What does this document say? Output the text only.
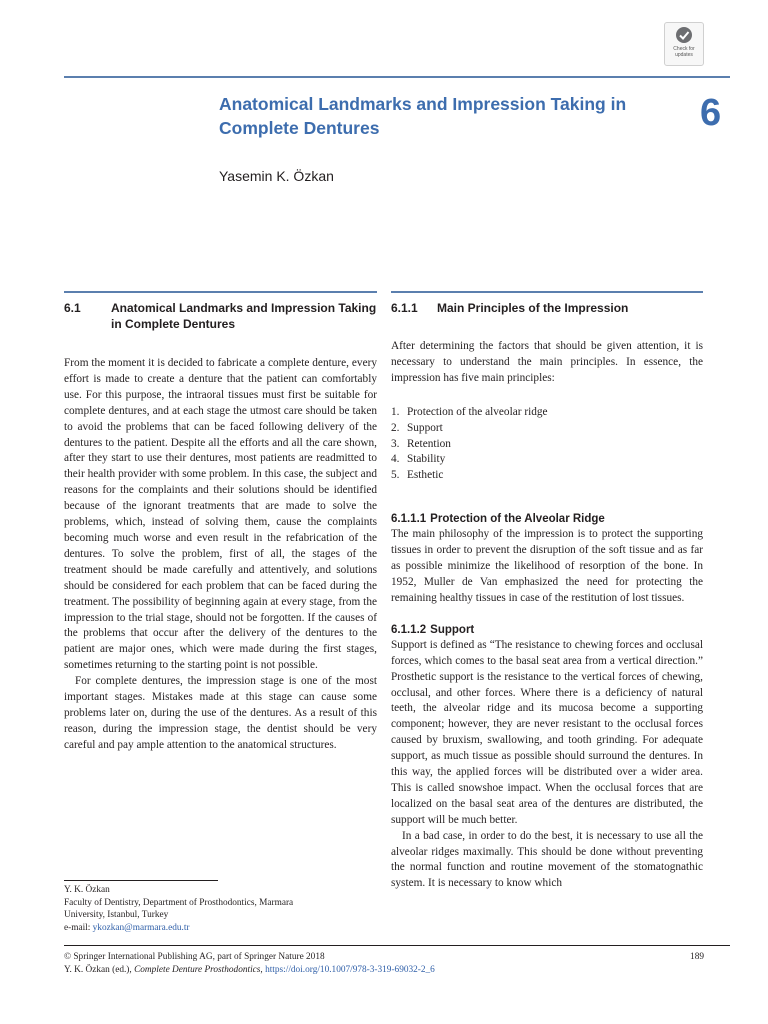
Check for
updates
Anatomical Landmarks and Impression Taking in Complete Dentures	6
Yasemin K. Özkan
6.1	Anatomical Landmarks and Impression Taking in Complete Dentures

From the moment it is decided to fabricate a complete denture, every effort is made to create a denture that the patient can comfortably use. For this purpose, the intraoral tissues must first be suitable for complete dentures, and at each stage the utmost care should be taken to avoid the problems that can be faced following delivery of the dentures to the patient. Despite all the efforts and all the care shown, after they start to use their dentures, most patients are readmitted to their health provider with some problem. In this case, the subject and reasons for the complaints and their solutions should be identified because of the ignorant treatments that are made to solve the problems, which, instead of solving them, cause the complaints becoming much worse and even result in the refabrication of the dentures. To solve the problem, first of all, the stages of the treatment should be made carefully and attentively, and solutions should be considered for each problem that can be faced during the treatment. The possibility of beginning again at every stage, from the impression to the trial stage, should not be forgotten. If the causes of the problems that occur after the delivery of the dentures to the patient are major ones, which were made during the first stages, sometimes returning to the starting point is not possible.

For complete dentures, the impression stage is one of the most important stages. Mistakes made at this stage can cause some problems later on, during the use of the dentures. As a result of this reason, during the impression stage, the dentist should be very careful and pay ample attention to the anatomical structures.

6.1.1	Main Principles of the Impression

After determining the factors that should be given attention, it is necessary to understand the main principles. In essence, the impression has five main principles:

1. Protection of the alveolar ridge
2. Support
3. Retention
4. Stability
5. Esthetic
6.1.1.1 Protection of the Alveolar Ridge

The main philosophy of the impression is to protect the supporting tissues in order to prevent the disruption of the soft tissue and as far as possible minimize the likelihood of resorption of the bone. In 1952, Muller de Van emphasized the need for protecting the remaining healthy tissues in case of the restitution of lost tissues.

6.1.1.2 Support

Support is defined as “The resistance to chewing forces and occlusal forces, which comes to the basal seat area from a vertical direction.” Prosthetic support is the resistance to the vertical forces of chewing, occlusal, and other forces. Where there is a deficiency of natural teeth, the alveolar ridge and its mucosa become a supporting component; however, they are never resistant to the occlusal forces caused by bruxism, swallowing, and tooth grinding. For adequate support, as much tissue as possible should surround the dentures. In this way, the applied forces will be distributed over a wider area. This is called snowshoe impact. When the occlusal forces that are localized on the basal seat area of the dentures are distributed, the support will be much better.

In a bad case, in order to do the best, it is necessary to use all the alveolar ridges maximally. This should be done without preventing the normal function and routine movement of the stomatognathic system. It is necessary to know which

Y. K. Özkan
Faculty of Dentistry, Department of Prosthodontics, Marmara
University, Istanbul, Turkey
e-mail: ykozkan@marmara.edu.tr
© Springer International Publishing AG, part of Springer Nature 2018
Y. K. Özkan (ed.), Complete Denture Prosthodontics, https://doi.org/10.1007/978-3-319-69032-2_6
189
